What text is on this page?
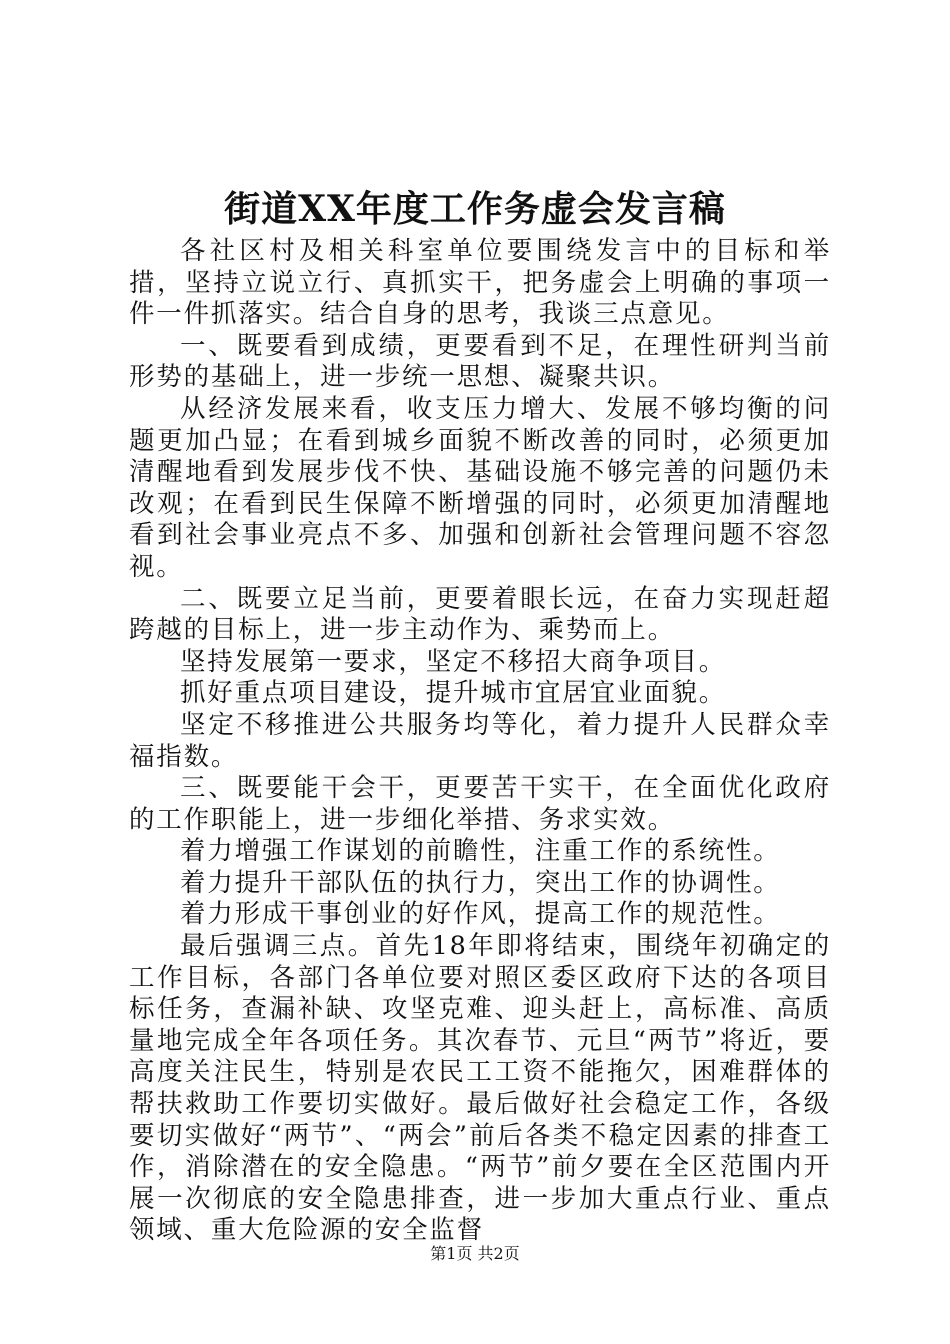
街道XX年度工作务虚会发言稿

各社区村及相关科室单位要围绕发言中的目标和举措，坚持立说立行、真抓实干，把务虚会上明确的事项一件一件抓落实。结合自身的思考，我谈三点意见。

一、既要看到成绩，更要看到不足，在理性研判当前形势的基础上，进一步统一思想、凝聚共识。

从经济发展来看，收支压力增大、发展不够均衡的问题更加凸显；在看到城乡面貌不断改善的同时，必须更加清醒地看到发展步伐不快、基础设施不够完善的问题仍未改观；在看到民生保障不断增强的同时，必须更加清醒地看到社会事业亮点不多、加强和创新社会管理问题不容忽视。

二、既要立足当前，更要着眼长远，在奋力实现赶超跨越的目标上，进一步主动作为、乘势而上。

坚持发展第一要求，坚定不移招大商争项目。

抓好重点项目建设，提升城市宜居宜业面貌。

坚定不移推进公共服务均等化，着力提升人民群众幸福指数。

三、既要能干会干，更要苦干实干，在全面优化政府的工作职能上，进一步细化举措、务求实效。

着力增强工作谋划的前瞻性，注重工作的系统性。

着力提升干部队伍的执行力，突出工作的协调性。

着力形成干事创业的好作风，提高工作的规范性。

最后强调三点。首先18年即将结束，围绕年初确定的工作目标，各部门各单位要对照区委区政府下达的各项目标任务，查漏补缺、攻坚克难、迎头赶上，高标准、高质量地完成全年各项任务。其次春节、元旦“两节”将近，要高度关注民生，特别是农民工工资不能拖欠，困难群体的帮扶救助工作要切实做好。最后做好社会稳定工作，各级要切实做好“两节”、“两会”前后各类不稳定因素的排查工作，消除潜在的安全隐患。“两节”前夕要在全区范围内开展一次彻底的安全隐患排查，进一步加大重点行业、重点领域、重大危险源的安全监督

第1页 共2页
